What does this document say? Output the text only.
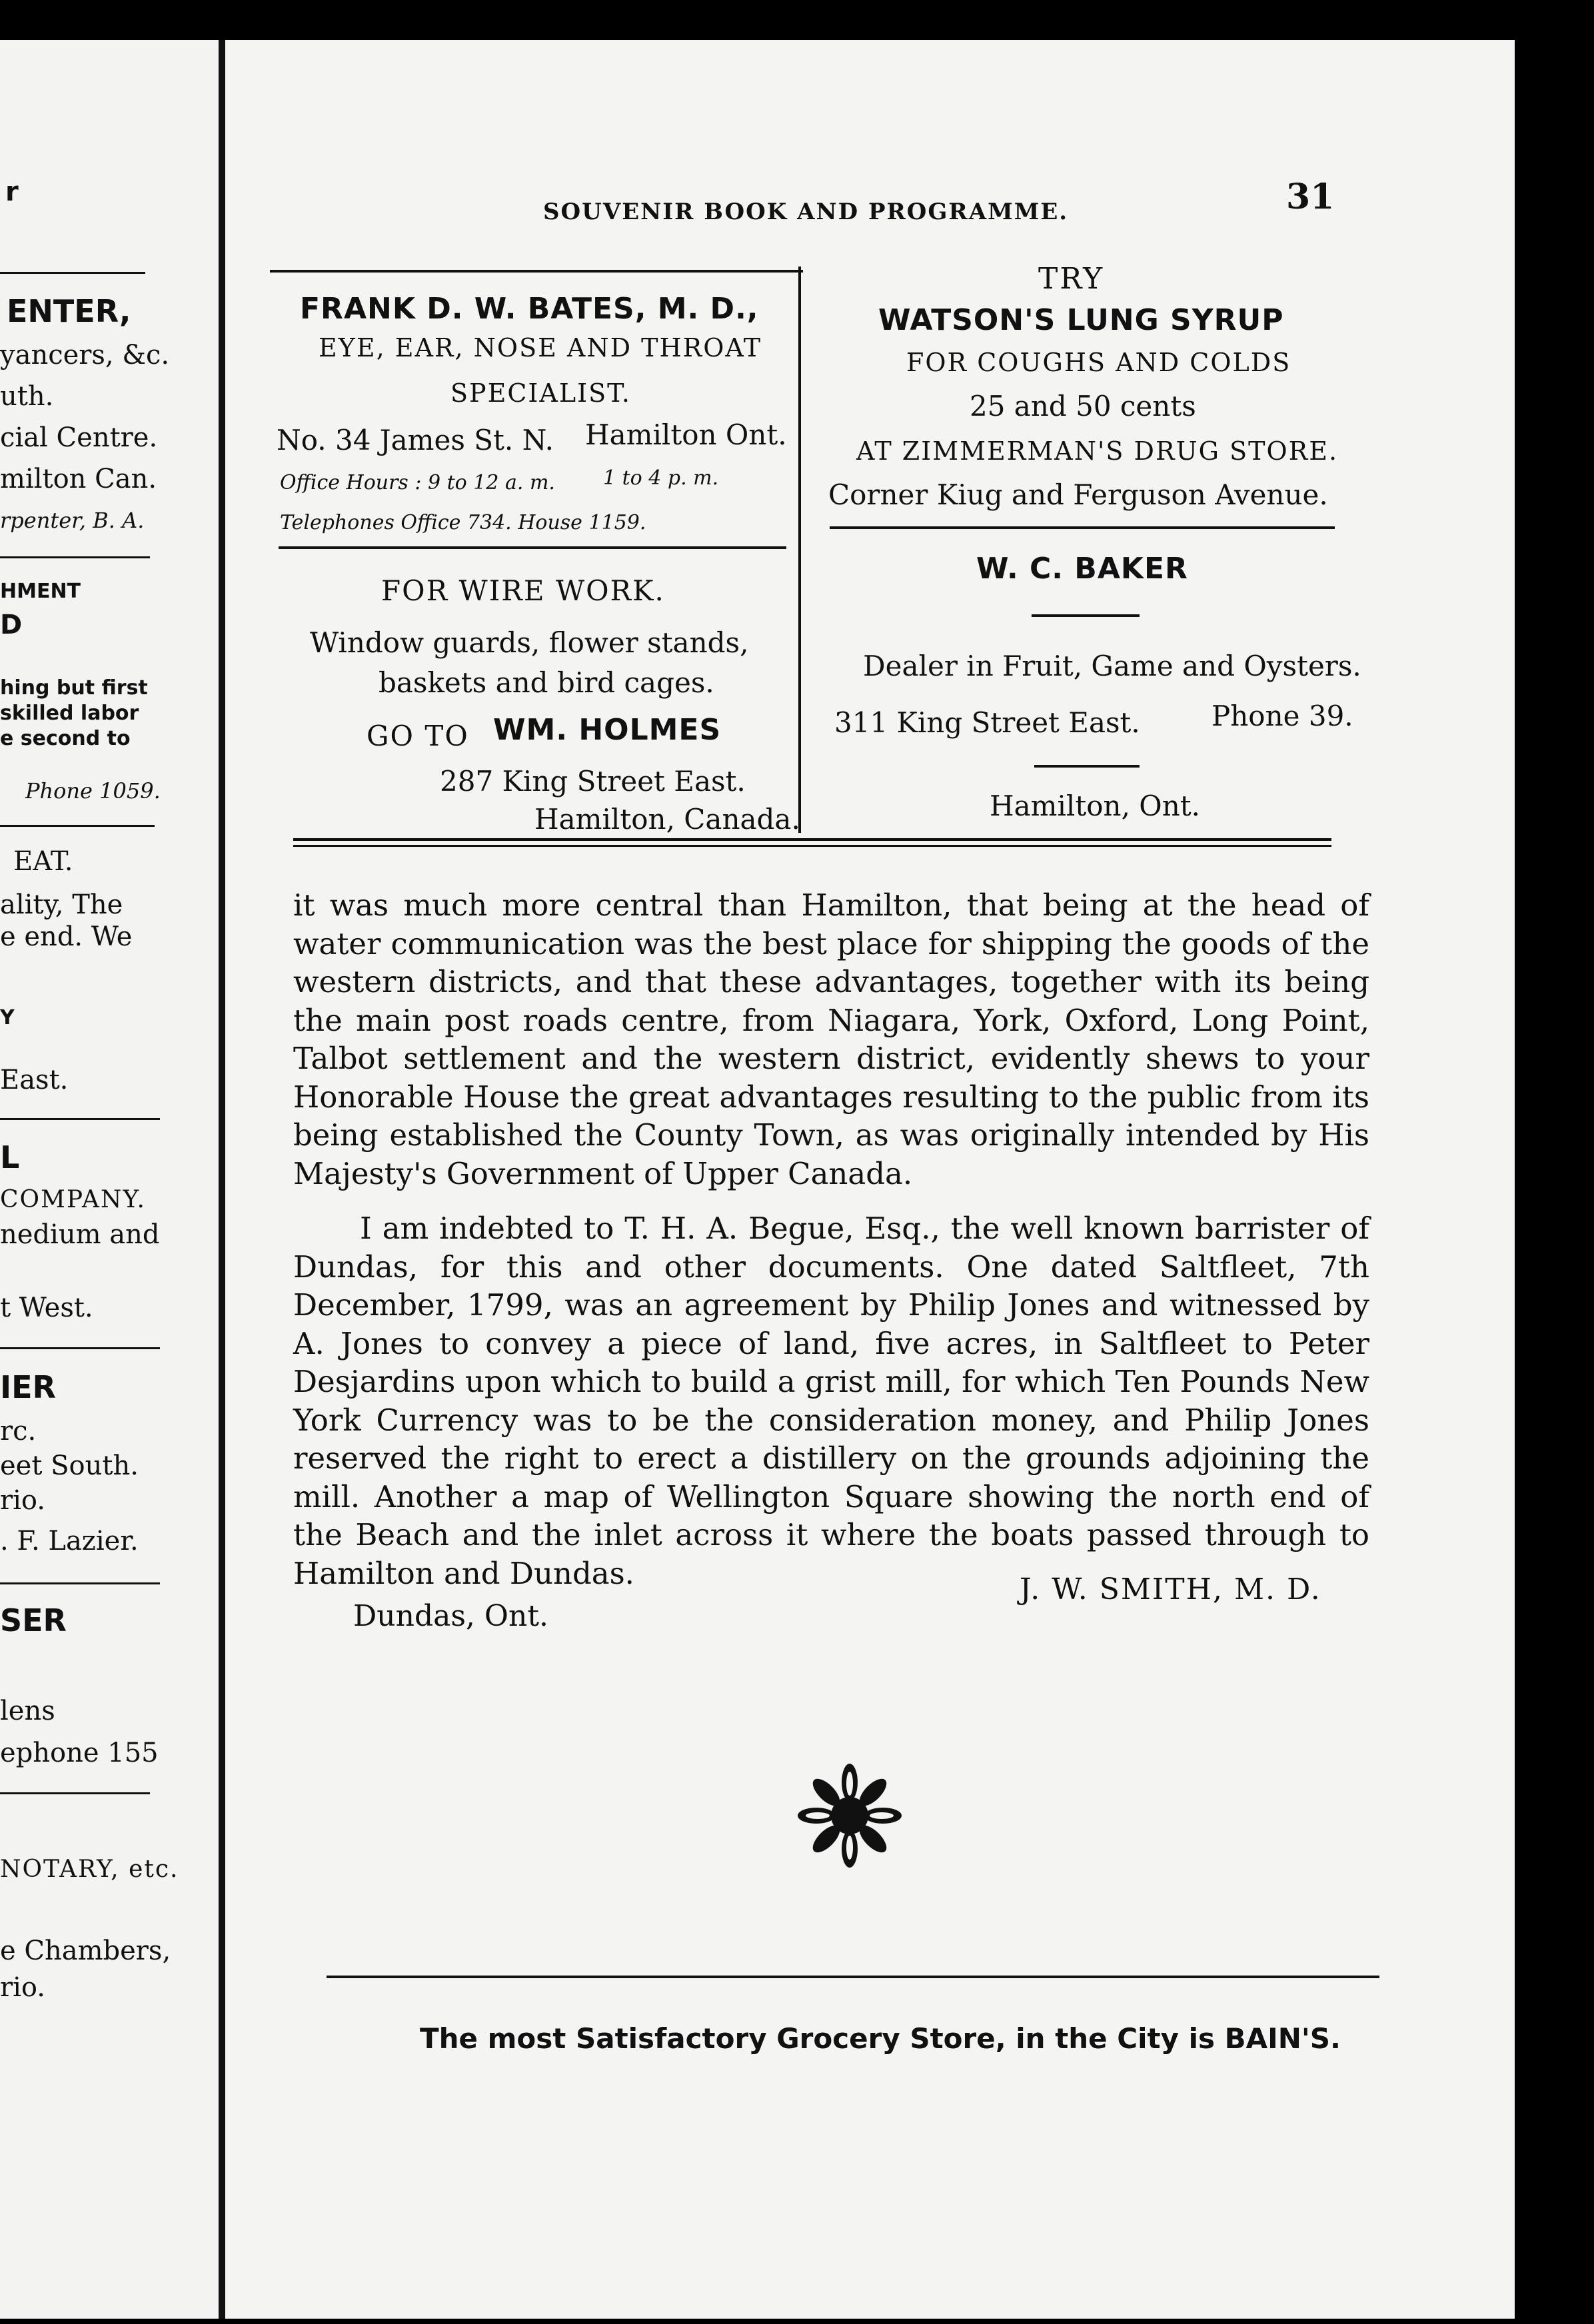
r
ENTER,
yancers, &c.
uth.
cial Centre.
milton Can.
rpenter, B. A.
HMENT
D
hing but first
skilled labor
e second to
Phone 1059.
EAT.
ality, The
e end. We
Y
East.
L
COMPANY.
nedium and
t West.
IER
rc.
eet South.
rio.
. F. Lazier.
SER
lens
ephone 155
NOTARY, etc.
e Chambers,
rio.
SOUVENIR BOOK AND PROGRAMME.	31
FRANK D. W. BATES, M. D.,
EYE, EAR, NOSE AND THROAT
SPECIALIST.
No. 34 James St. N. Hamilton Ont.
Office Hours : 9 to 12 a. m. 1 to 4 p. m.
Telephones Office 734. House 1159.
FOR WIRE WORK.
Window guards, flower stands,
baskets and bird cages.
GO TO WM. HOLMES
287 King Street East.
Hamilton, Canada.
TRY
WATSON'S LUNG SYRUP
FOR COUGHS AND COLDS
25 and 50 cents
AT ZIMMERMAN'S DRUG STORE.
Corner Kiug and Ferguson Avenue.
W. C. BAKER
Dealer in Fruit, Game and Oysters.
311 King Street East.	Phone 39.
Hamilton, Ont.

it was much more central than Hamilton, that being at the head of water communication was the best place for shipping the goods of the western districts, and that these advantages, together with its being the main post roads centre, from Niagara, York, Oxford, Long Point, Talbot settlement and the western district, evidently shews to your Honorable House the great advantages resulting to the public from its being established the County Town, as was originally intended by His Majesty's Government of Upper Canada.

I am indebted to T. H. A. Begue, Esq., the well known barrister of Dundas, for this and other documents. One dated Saltfleet, 7th December, 1799, was an agreement by Philip Jones and witnessed by A. Jones to convey a piece of land, five acres, in Saltfleet to Peter Desjardins upon which to build a grist mill, for which Ten Pounds New York Currency was to be the consideration money, and Philip Jones reserved the right to erect a distillery on the grounds adjoining the mill. Another a map of Wellington Square showing the north end of the Beach and the inlet across it where the boats passed through to Hamilton and Dundas.

Dundas, Ont.
J. W. SMITH, M. D.
The most Satisfactory Grocery Store, in the City is BAIN'S.
